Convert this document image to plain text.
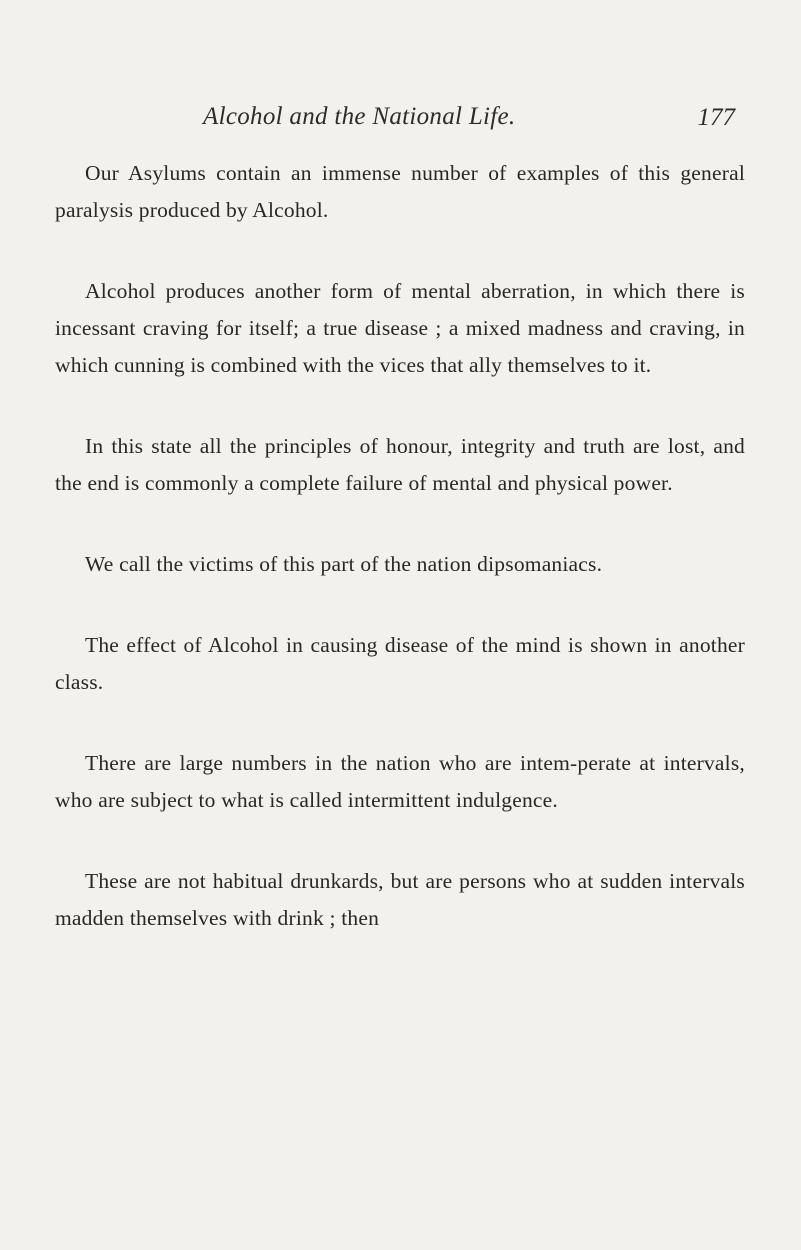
Alcohol and the National Life.	177

Our Asylums contain an immense number of examples of this general paralysis produced by Alcohol.

Alcohol produces another form of mental aberration, in which there is incessant craving for itself; a true disease ; a mixed madness and craving, in which cunning is combined with the vices that ally themselves to it.

In this state all the principles of honour, integrity and truth are lost, and the end is commonly a complete failure of mental and physical power.

We call the victims of this part of the nation dipsomaniacs.

The effect of Alcohol in causing disease of the mind is shown in another class.

There are large numbers in the nation who are intem-perate at intervals, who are subject to what is called intermittent indulgence.

These are not habitual drunkards, but are persons who at sudden intervals madden themselves with drink ; then
